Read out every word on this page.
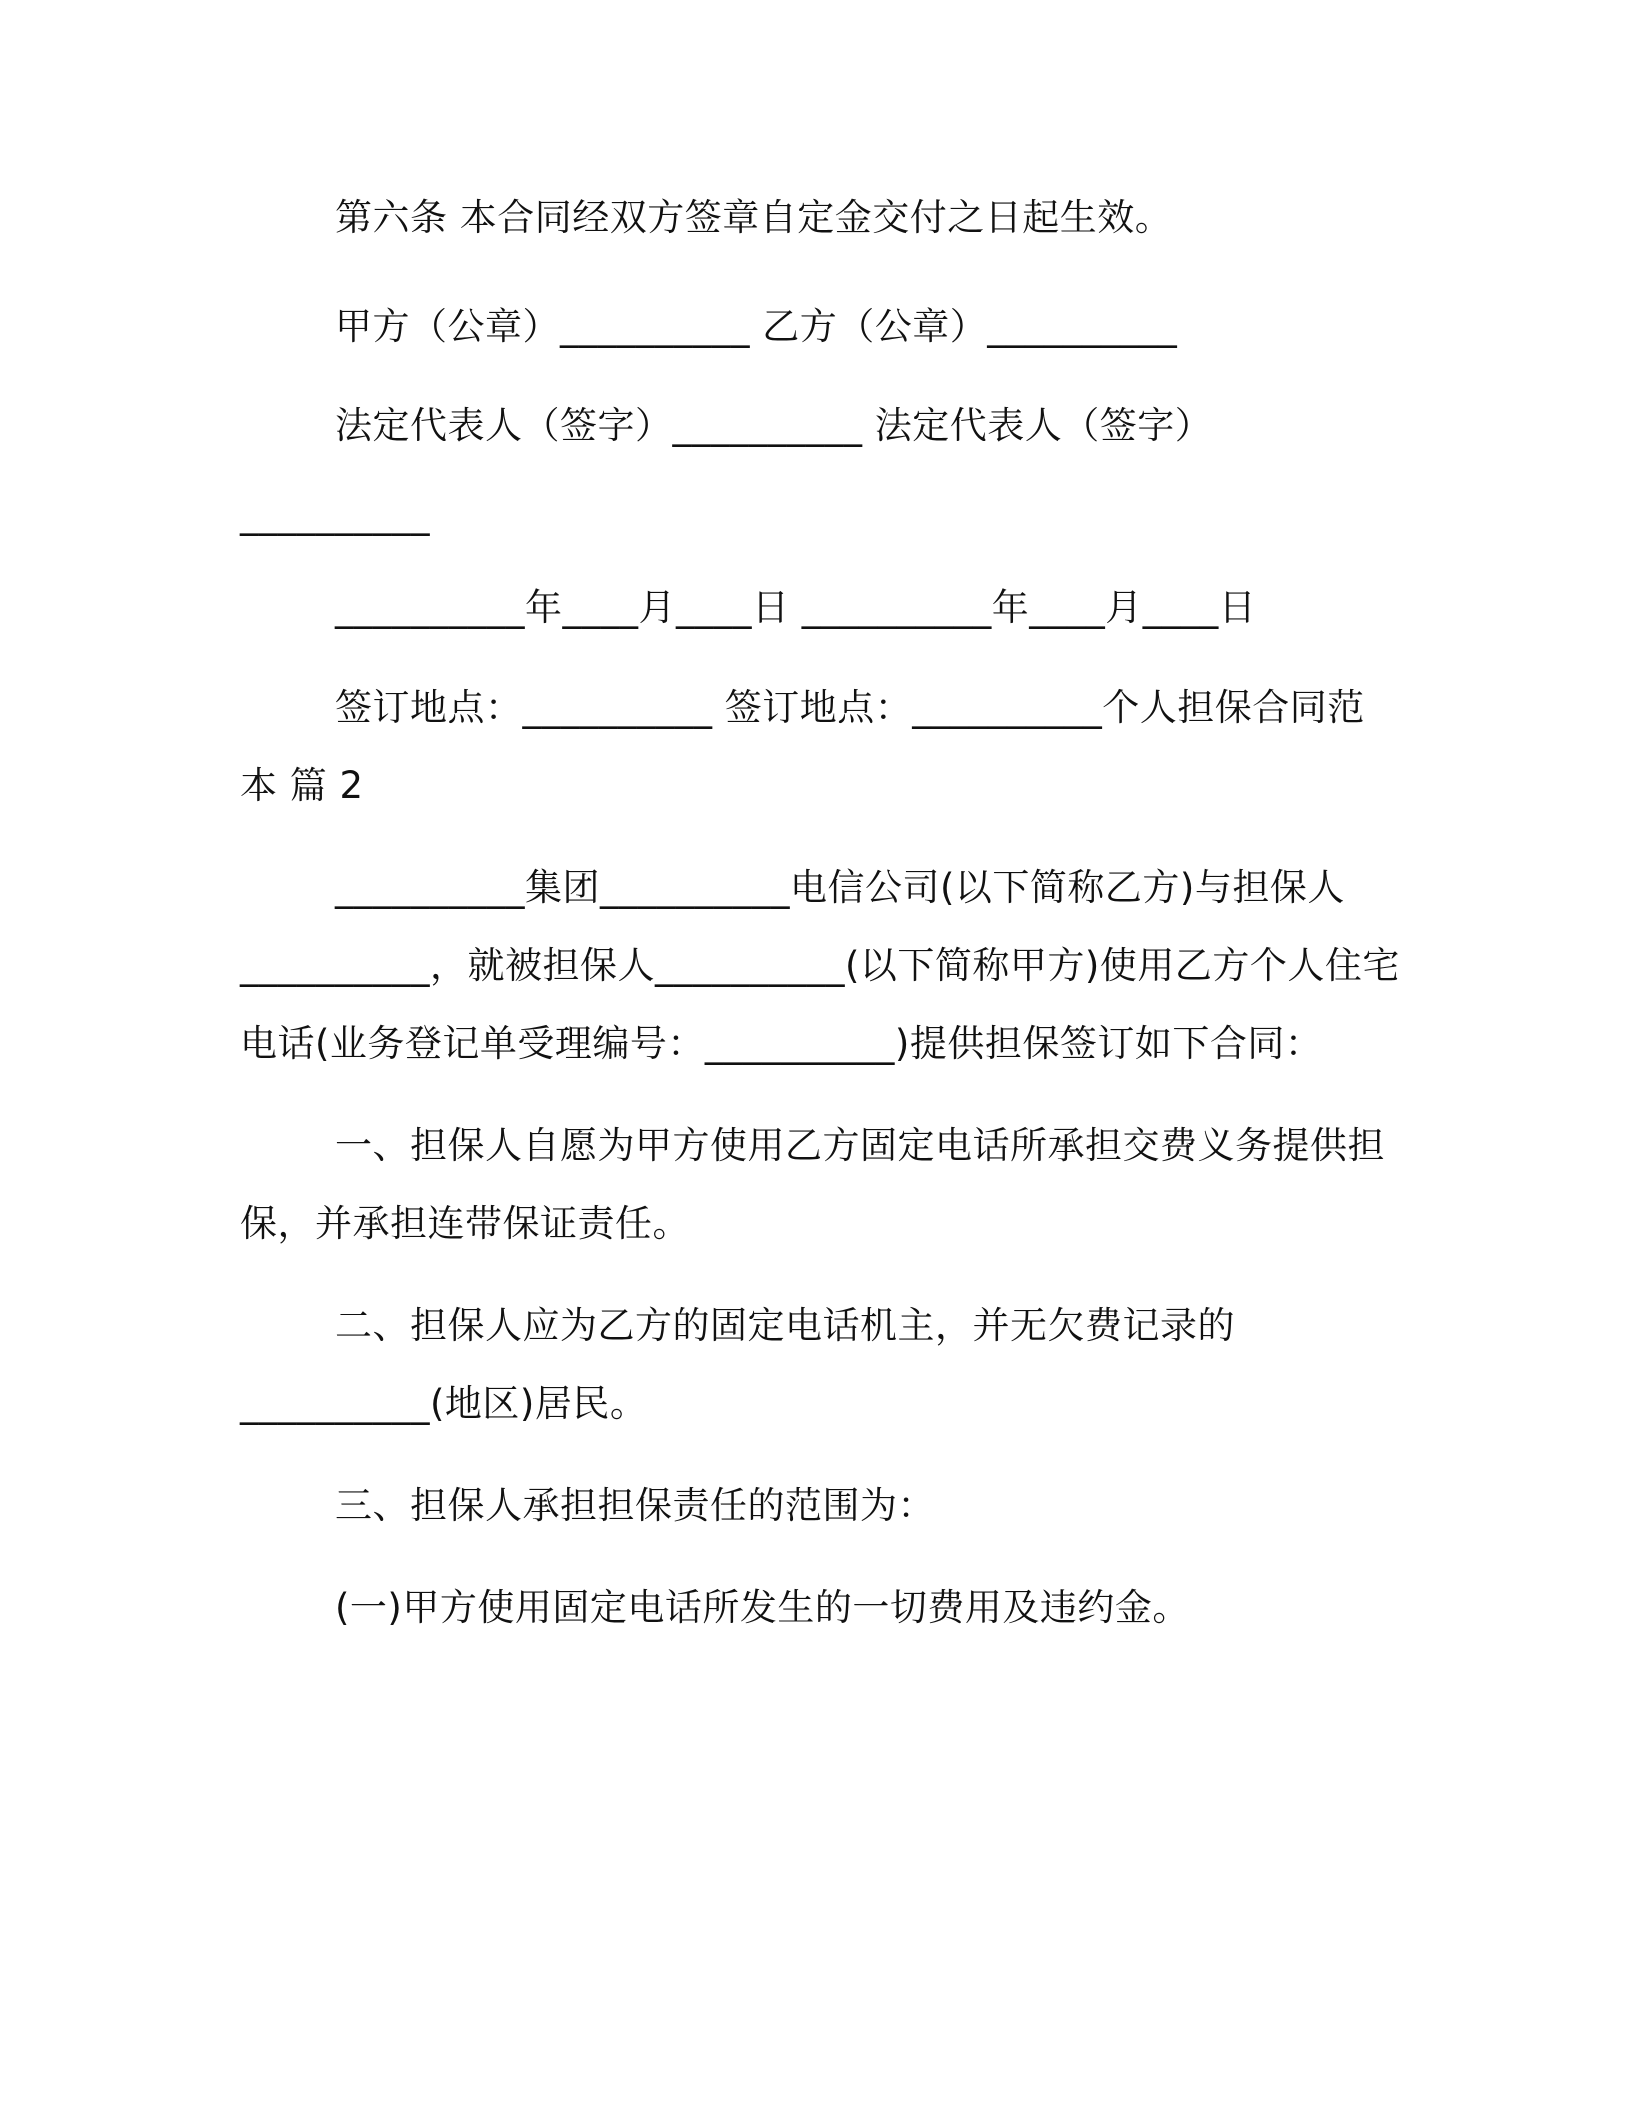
第六条 本合同经双方签章自定金交付之日起生效。
甲方（公章）__________ 乙方（公章）__________
法定代表人（签字）__________ 法定代表人（签字）
__________
__________年____月____日 __________年____月____日
签订地点：__________ 签订地点：__________个人担保合同范
本 篇 2
__________集团__________电信公司(以下简称乙方)与担保人
__________，就被担保人__________(以下简称甲方)使用乙方个人住宅
电话(业务登记单受理编号：__________)提供担保签订如下合同：
一、担保人自愿为甲方使用乙方固定电话所承担交费义务提供担
保，并承担连带保证责任。
二、担保人应为乙方的固定电话机主，并无欠费记录的
__________(地区)居民。
三、担保人承担担保责任的范围为：
(一)甲方使用固定电话所发生的一切费用及违约金。
